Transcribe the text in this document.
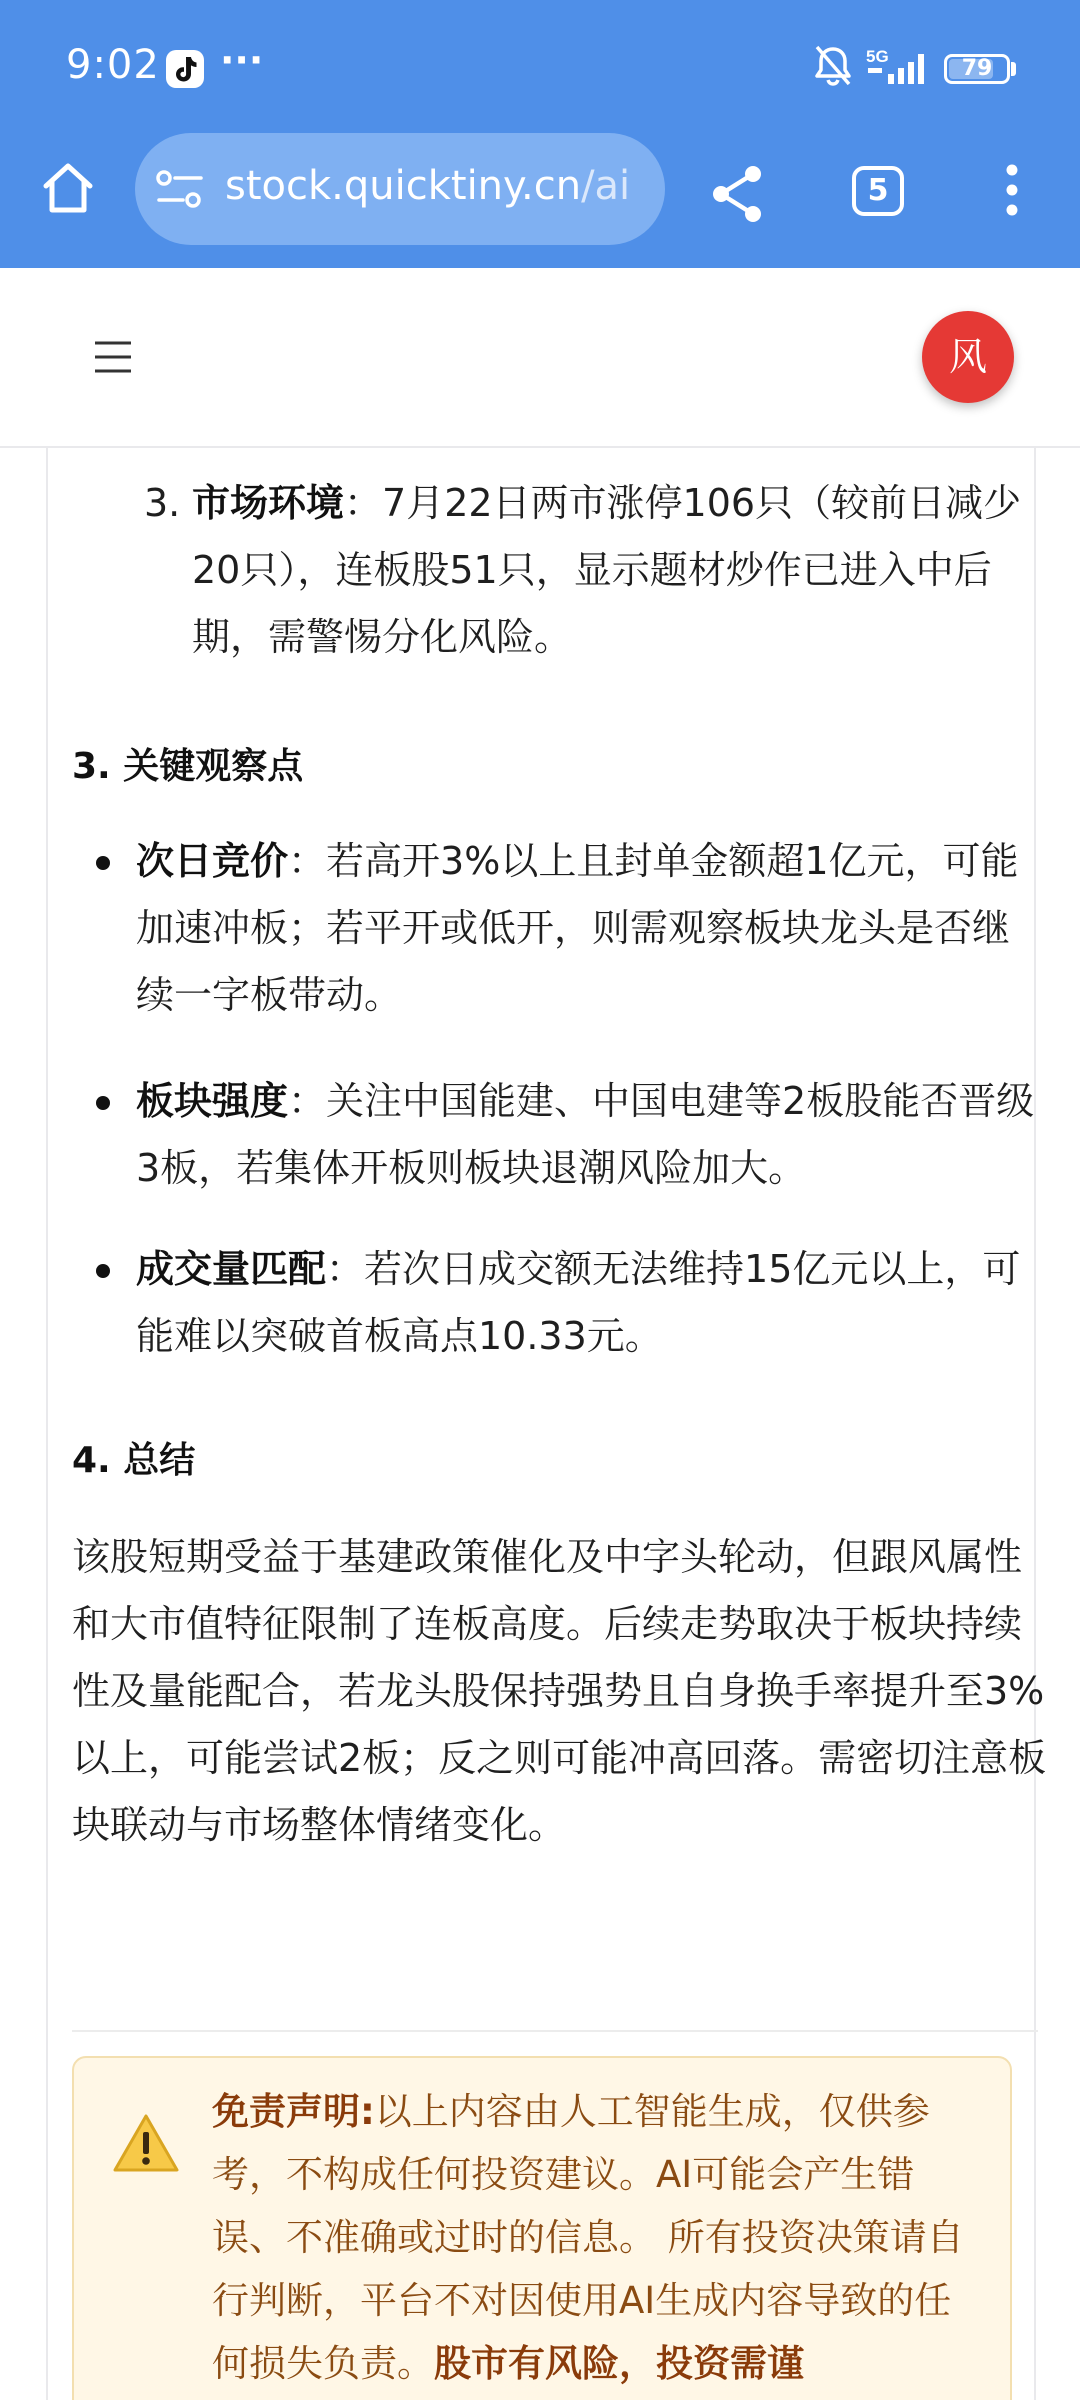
9:02 ···	5G	79
stock.quicktiny.cn/ai	5
风
3. 市场环境：7月22日两市涨停106只（较前日减少20只），连板股51只，显示题材炒作已进入中后期，需警惕分化风险。
3. 关键观察点
次日竞价：若高开3%以上且封单金额超1亿元，可能加速冲板；若平开或低开，则需观察板块龙头是否继续一字板带动。
板块强度：关注中国能建、中国电建等2板股能否晋级3板，若集体开板则板块退潮风险加大。
成交量匹配：若次日成交额无法维持15亿元以上，可能难以突破首板高点10.33元。
4. 总结
该股短期受益于基建政策催化及中字头轮动，但跟风属性和大市值特征限制了连板高度。后续走势取决于板块持续性及量能配合，若龙头股保持强势且自身换手率提升至3%以上，可能尝试2板；反之则可能冲高回落。需密切注意板块联动与市场整体情绪变化。
免责声明:以上内容由人工智能生成，仅供参考，不构成任何投资建议。AI可能会产生错误、不准确或过时的信息。 所有投资决策请自行判断，平台不对因使用AI生成内容导致的任何损失负责。股市有风险，投资需谨
